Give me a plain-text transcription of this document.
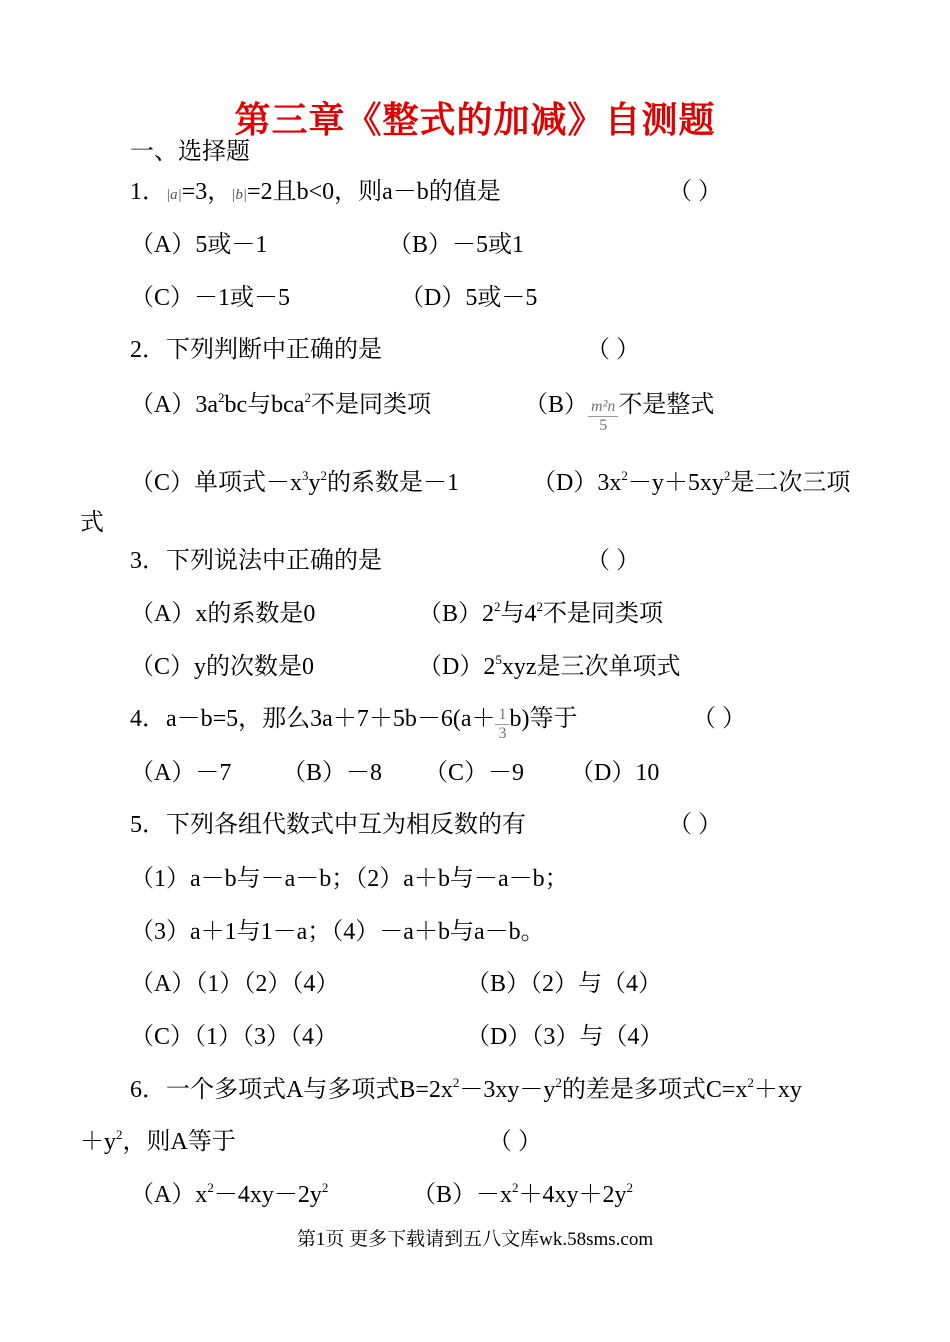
第三章《整式的加减》自测题
一、选择题
1．|a|=3，|b|=2且b<0，则a－b的值是	（ ）
（A）5或－1	（B）－5或1
（C）－1或－5	（D）5或－5
2．下列判断中正确的是	（ ）
$(A)3a^2bc$与bca$^2$不是同类项	$(B) \frac{\text{m²n}}{5}$ 不是整式
（C）单项式$-x^3y^2$的系数是－1	$(D)3x^2-y+5xy^2$是二次三项
式
3．下列说法中正确的是	（ ）
（A）x的系数是0	$(B)2^2$与$4^2$不是同类项
（C）y的次数是0	$(D)2^5xyz$是三次单项式
4．a－b=5，那么$3a+7+5b-6(a+ \frac{1}{3} b)$等于	（ ）
（A）－7 （B）－8 （C）－9 （D）10
5．下列各组代数式中互为相反数的有	（ ）
（1）a－b与－a－b；（2）a＋b与－a－b；
（3）a＋1与1－a；（4）－a＋b与a－b。
（A）（1）（2）（4）	（B）（2）与（4）
（C）（1）（3）（4）	（D）（3）与（4）
6．一个多项式A与多项式$B=2x^2-3xy-y^2$的差是多项式$C=x^2+xy$
$+y^2$，则A等于	（ ）
$(A)x^2-4xy-2y^2$	$(B)-x^2+4xy+2y^2$
第1页 更多下载请到五八文库wk.58sms.com
